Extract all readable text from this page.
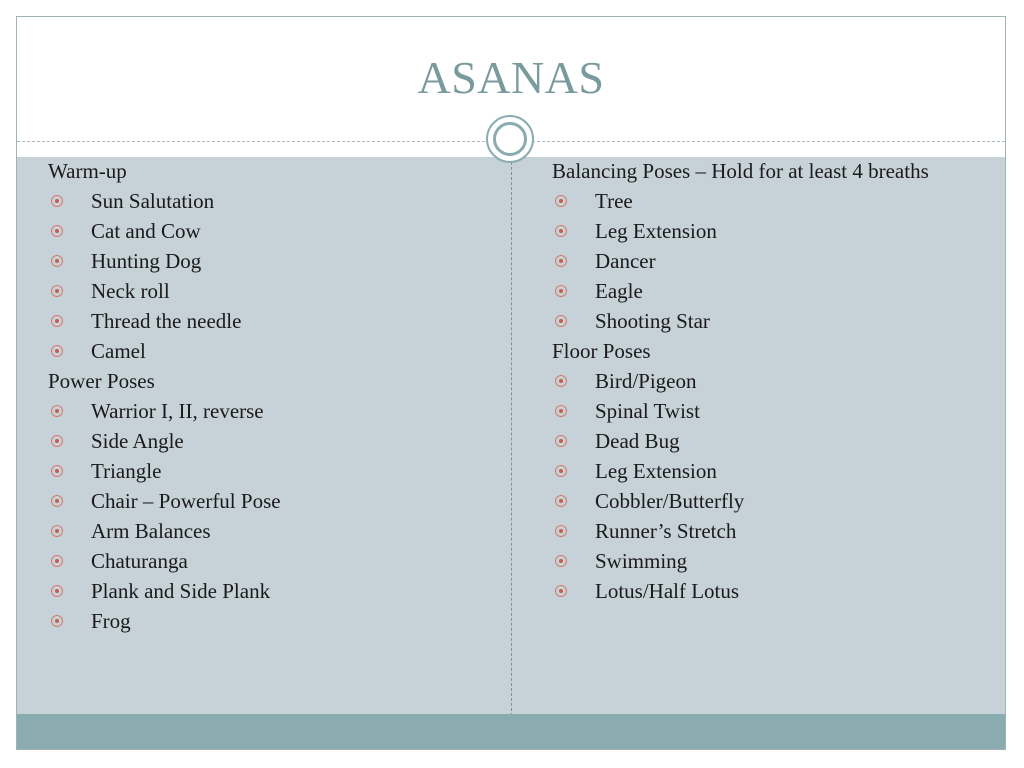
ASANAS
Warm-up
Sun Salutation
Cat and Cow
Hunting Dog
Neck roll
Thread the needle
Camel
Power Poses
Warrior I, II, reverse
Side Angle
Triangle
Chair – Powerful Pose
Arm Balances
Chaturanga
Plank and Side Plank
Frog
Balancing Poses – Hold for at least 4 breaths
Tree
Leg Extension
Dancer
Eagle
Shooting Star
Floor Poses
Bird/Pigeon
Spinal Twist
Dead Bug
Leg Extension
Cobbler/Butterfly
Runner’s Stretch
Swimming
Lotus/Half Lotus
